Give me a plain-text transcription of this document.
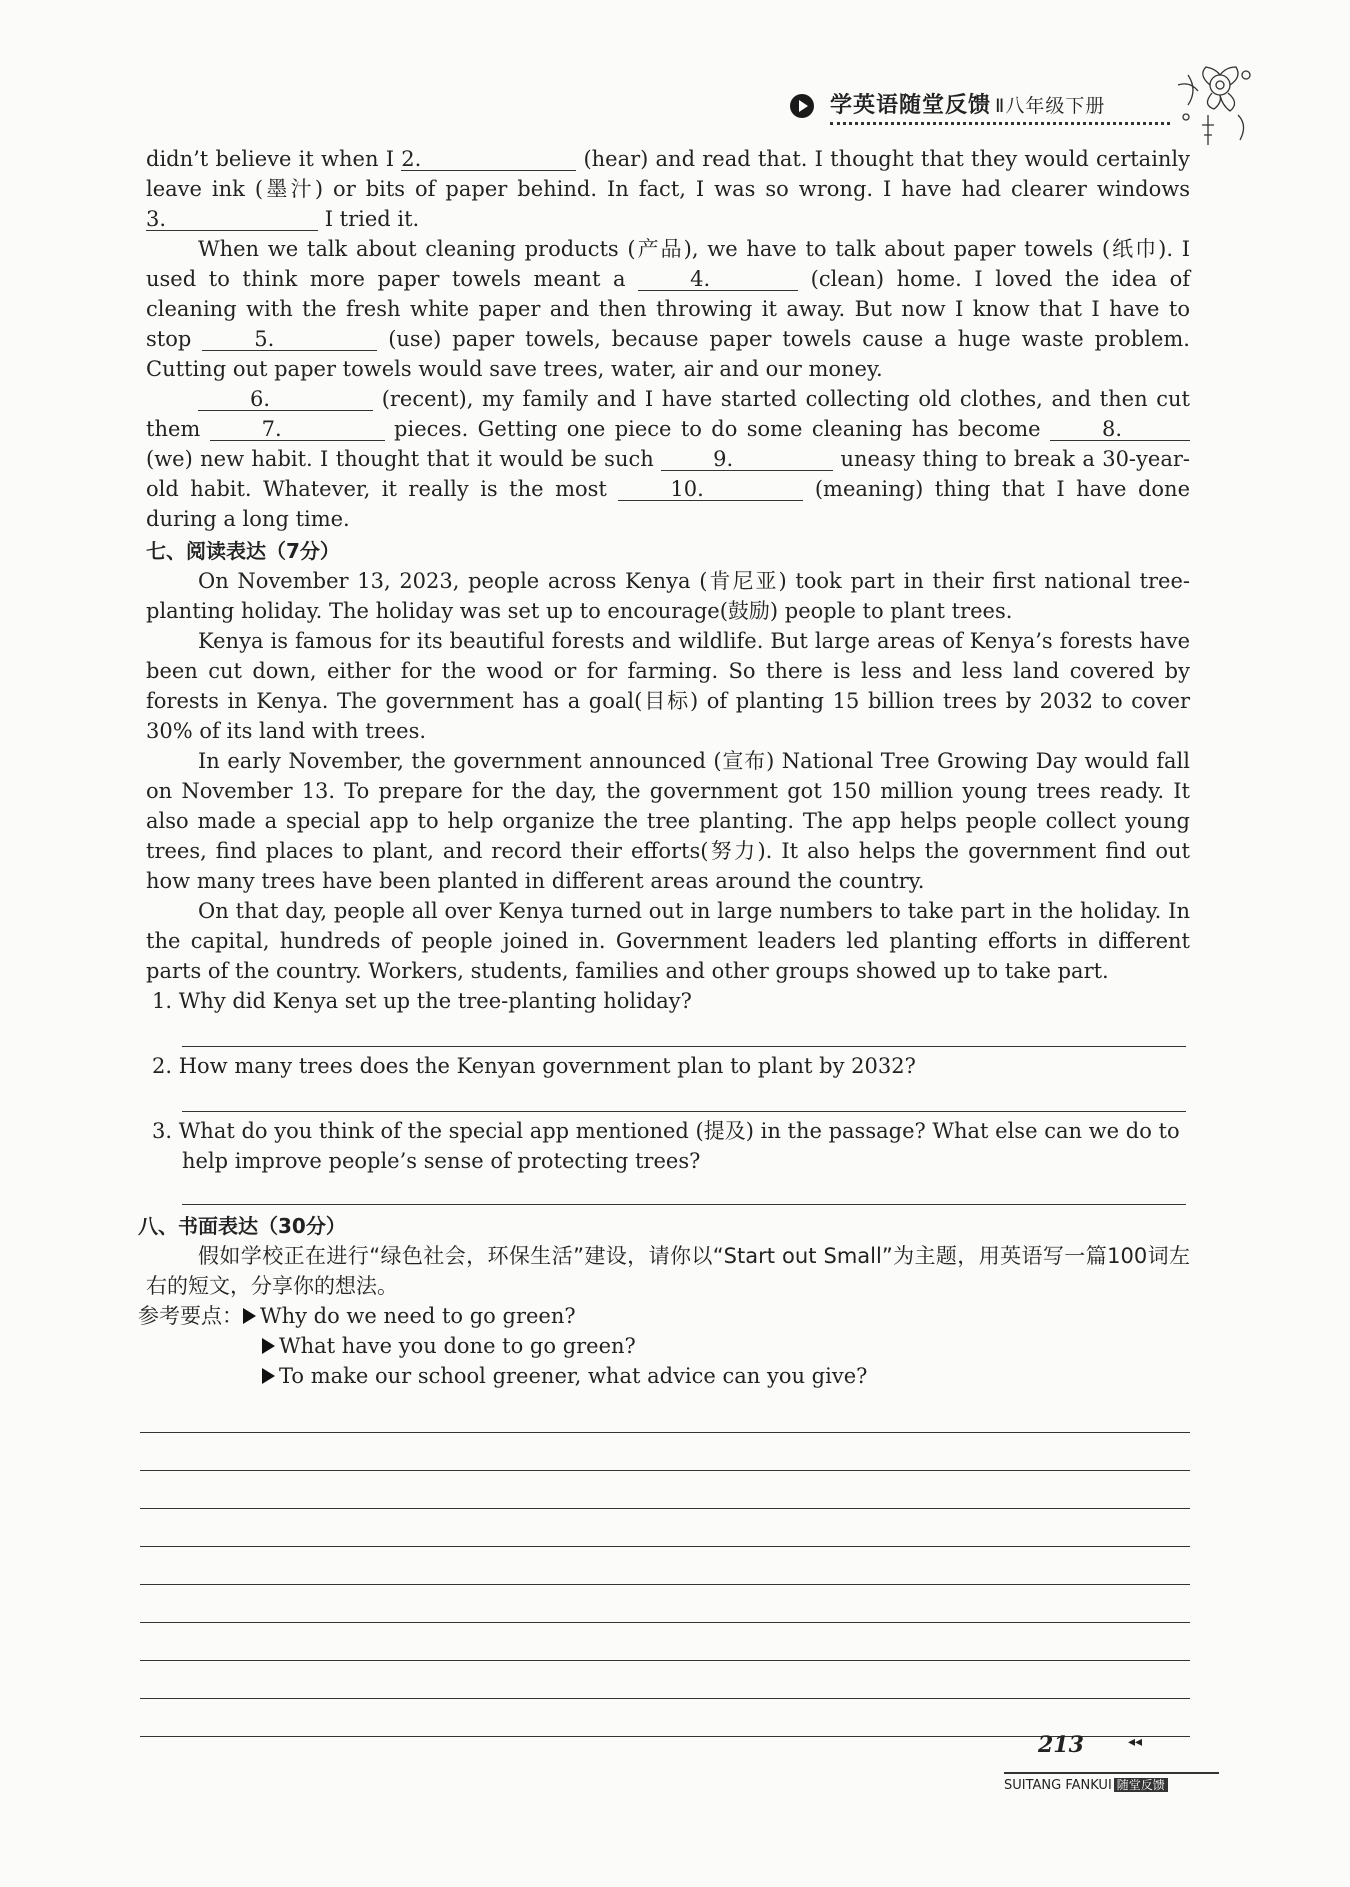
学英语随堂反馈 Ⅱ八年级下册

didn’t believe it when I 2.	(hear) and read that. I thought that they would certainly leave ink (墨汁) or bits of paper behind. In fact, I was so wrong. I have had clearer windows 3.	I tried it.

When we talk about cleaning products (产品), we have to talk about paper towels (纸巾). I used to think more paper towels meant a	4.	(clean) home. I loved the idea of cleaning with the fresh white paper and then throwing it away. But now I know that I have to stop	5.	(use) paper towels, because paper towels cause a huge waste problem. Cutting out paper towels would save trees, water, air and our money.

6.	(recent), my family and I have started collecting old clothes, and then cut them	7.	pieces. Getting one piece to do some cleaning has become	8. (we) new habit. I thought that it would be such	9.	uneasy thing to break a 30-year-old habit. Whatever, it really is the most	10.	(meaning) thing that I have done during a long time.

七、阅读表达（7分）

On November 13, 2023, people across Kenya (肯尼亚) took part in their first national tree-planting holiday. The holiday was set up to encourage(鼓励) people to plant trees.

Kenya is famous for its beautiful forests and wildlife. But large areas of Kenya’s forests have been cut down, either for the wood or for farming. So there is less and less land covered by forests in Kenya. The government has a goal(目标) of planting 15 billion trees by 2032 to cover 30% of its land with trees.

In early November, the government announced (宣布) National Tree Growing Day would fall on November 13. To prepare for the day, the government got 150 million young trees ready. It also made a special app to help organize the tree planting. The app helps people collect young trees, find places to plant, and record their efforts(努力). It also helps the government find out how many trees have been planted in different areas around the country.

On that day, people all over Kenya turned out in large numbers to take part in the holiday. In the capital, hundreds of people joined in. Government leaders led planting efforts in different parts of the country. Workers, students, families and other groups showed up to take part.

1. Why did Kenya set up the tree-planting holiday?

2. How many trees does the Kenyan government plan to plant by 2032?

3. What do you think of the special app mentioned (提及) in the passage? What else can we do to help improve people’s sense of protecting trees?

八、书面表达（30分）

假如学校正在进行“绿色社会，环保生活”建设，请你以“Start out Small”为主题，用英语写一篇100词左右的短文，分享你的想法。

参考要点： Why do we need to go green?

What have you done to go green?

To make our school greener, what advice can you give?

213	◂◂
SUITANG FANKUI 随堂反馈
